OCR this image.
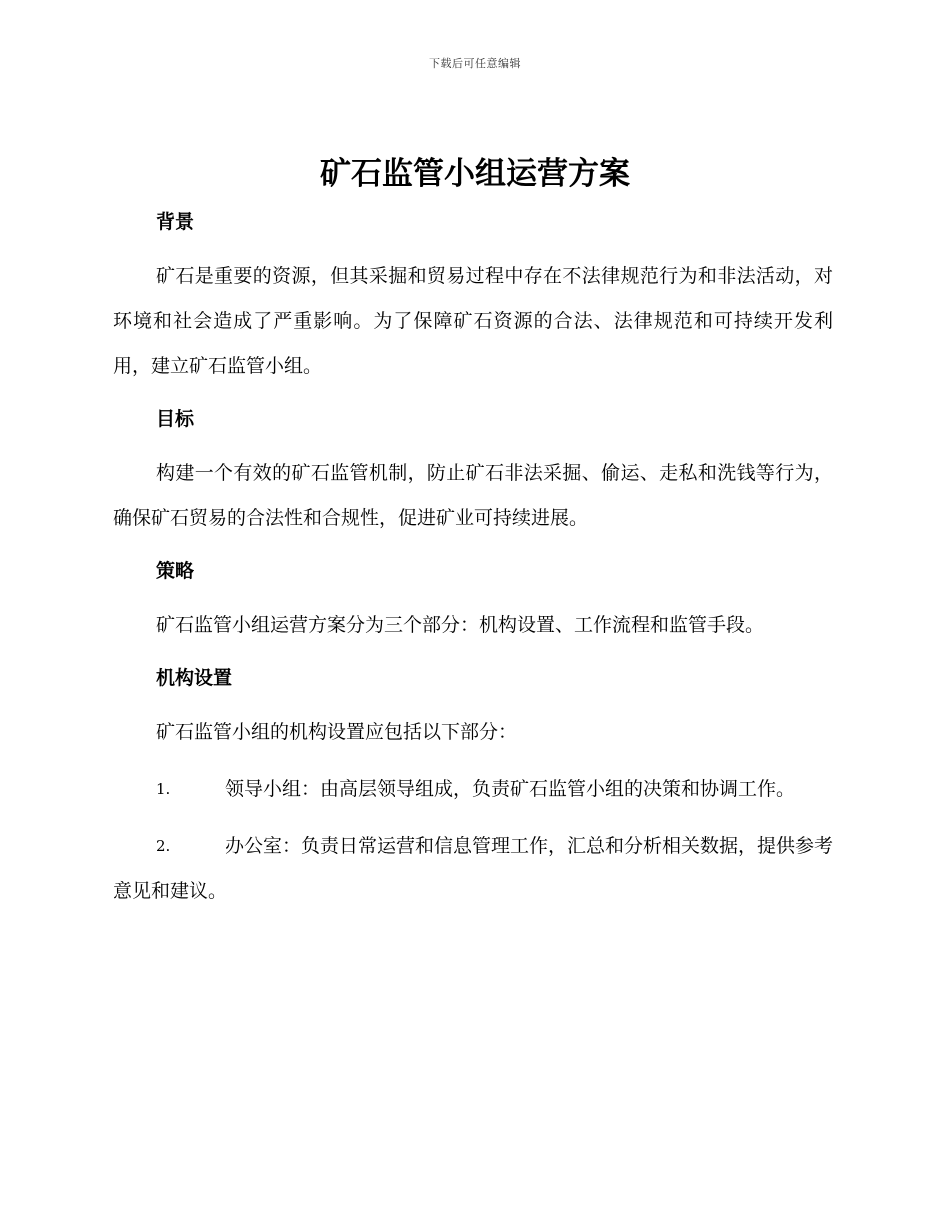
下载后可任意编辑
矿石监管小组运营方案
背景

矿石是重要的资源，但其采掘和贸易过程中存在不法律规范行为和非法活动，对环境和社会造成了严重影响。为了保障矿石资源的合法、法律规范和可持续开发利用，建立矿石监管小组。

目标

构建一个有效的矿石监管机制，防止矿石非法采掘、偷运、走私和洗钱等行为，确保矿石贸易的合法性和合规性，促进矿业可持续进展。

策略

矿石监管小组运营方案分为三个部分：机构设置、工作流程和监管手段。

机构设置

矿石监管小组的机构设置应包括以下部分：

1.	领导小组：由高层领导组成，负责矿石监管小组的决策和协调工作。

2.	办公室：负责日常运营和信息管理工作，汇总和分析相关数据，提供参考意见和建议。
